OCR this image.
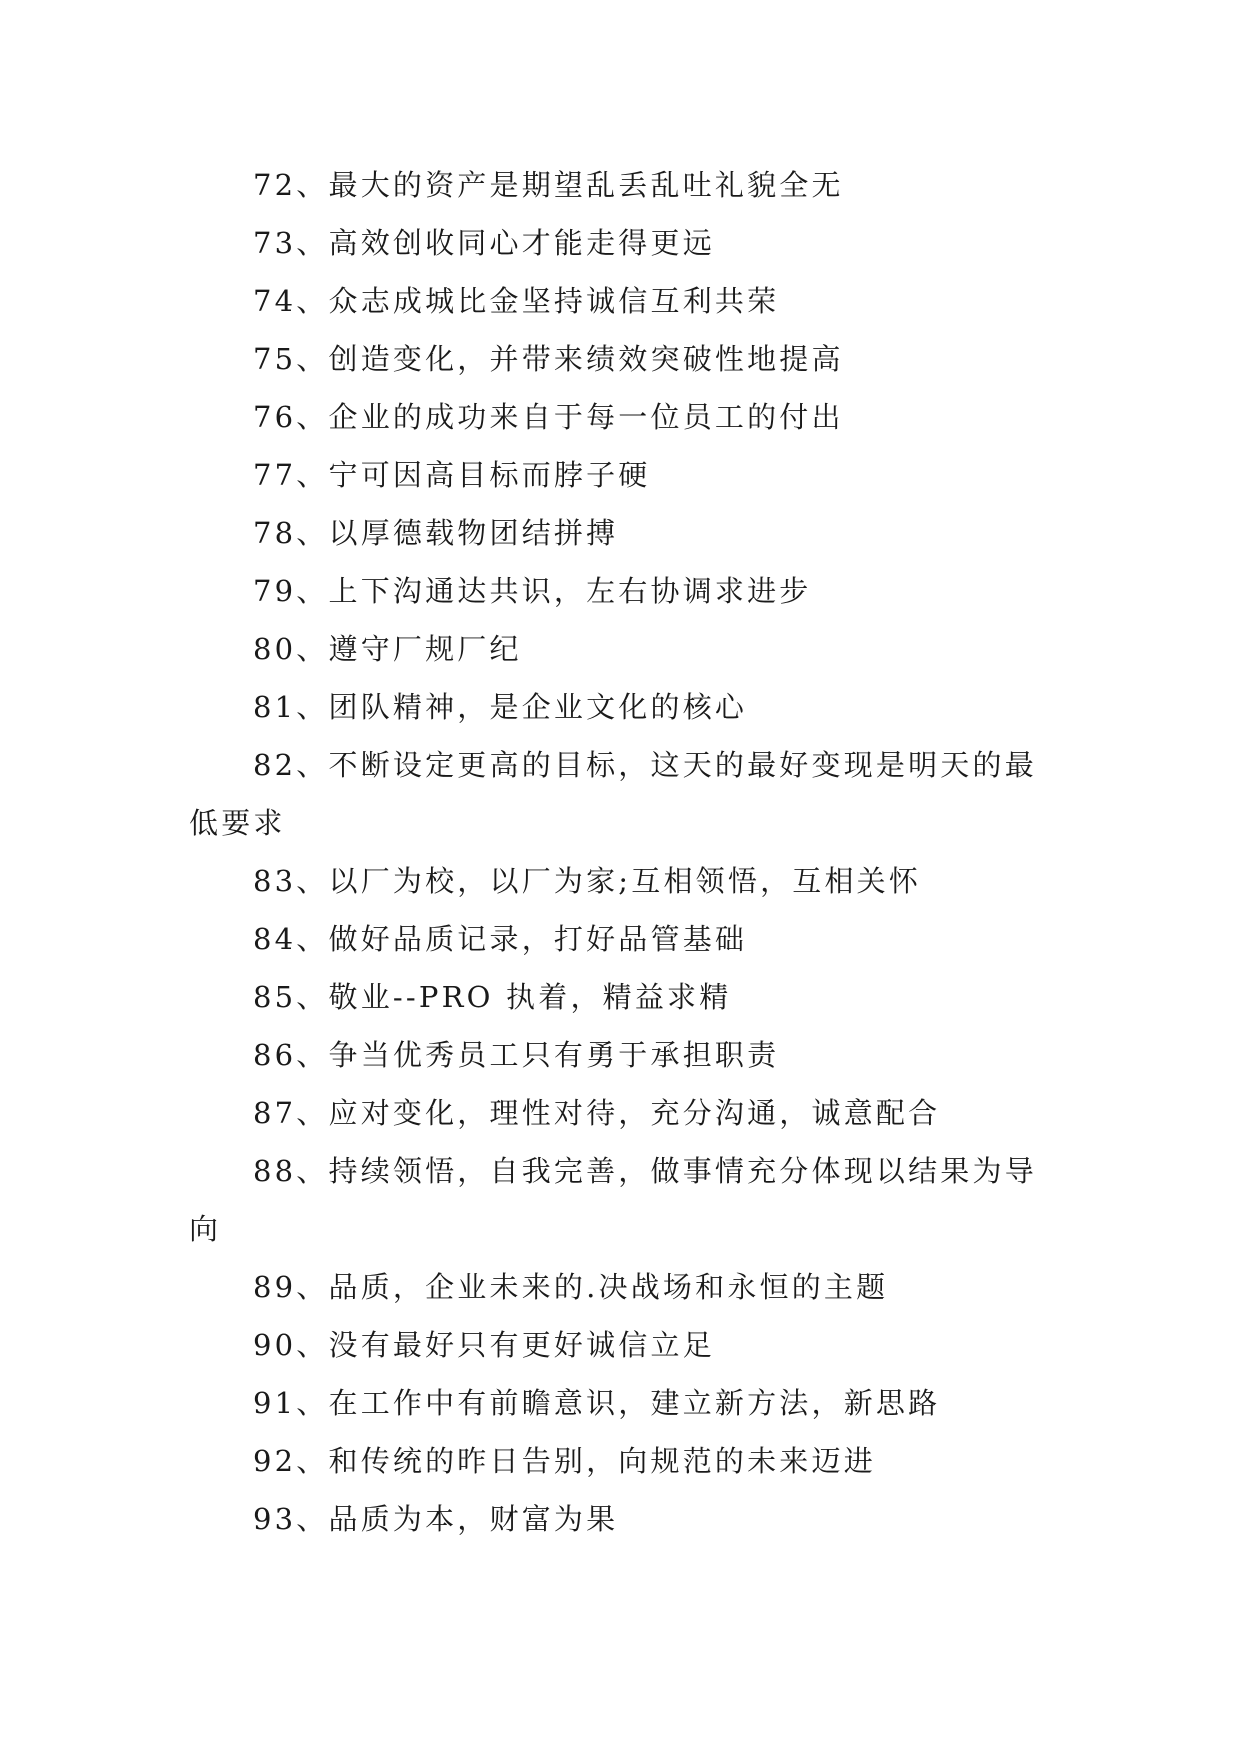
72、最大的资产是期望乱丢乱吐礼貌全无

73、高效创收同心才能走得更远

74、众志成城比金坚持诚信互利共荣

75、创造变化，并带来绩效突破性地提高

76、企业的成功来自于每一位员工的付出

77、宁可因高目标而脖子硬

78、以厚德载物团结拼搏

79、上下沟通达共识，左右协调求进步

80、遵守厂规厂纪

81、团队精神，是企业文化的核心

82、不断设定更高的目标，这天的最好变现是明天的最低要求

83、以厂为校，以厂为家;互相领悟，互相关怀

84、做好品质记录，打好品管基础

85、敬业--PRO 执着，精益求精

86、争当优秀员工只有勇于承担职责

87、应对变化，理性对待，充分沟通，诚意配合

88、持续领悟，自我完善，做事情充分体现以结果为导向

89、品质，企业未来的.决战场和永恒的主题

90、没有最好只有更好诚信立足

91、在工作中有前瞻意识，建立新方法，新思路

92、和传统的昨日告别，向规范的未来迈进

93、品质为本，财富为果
